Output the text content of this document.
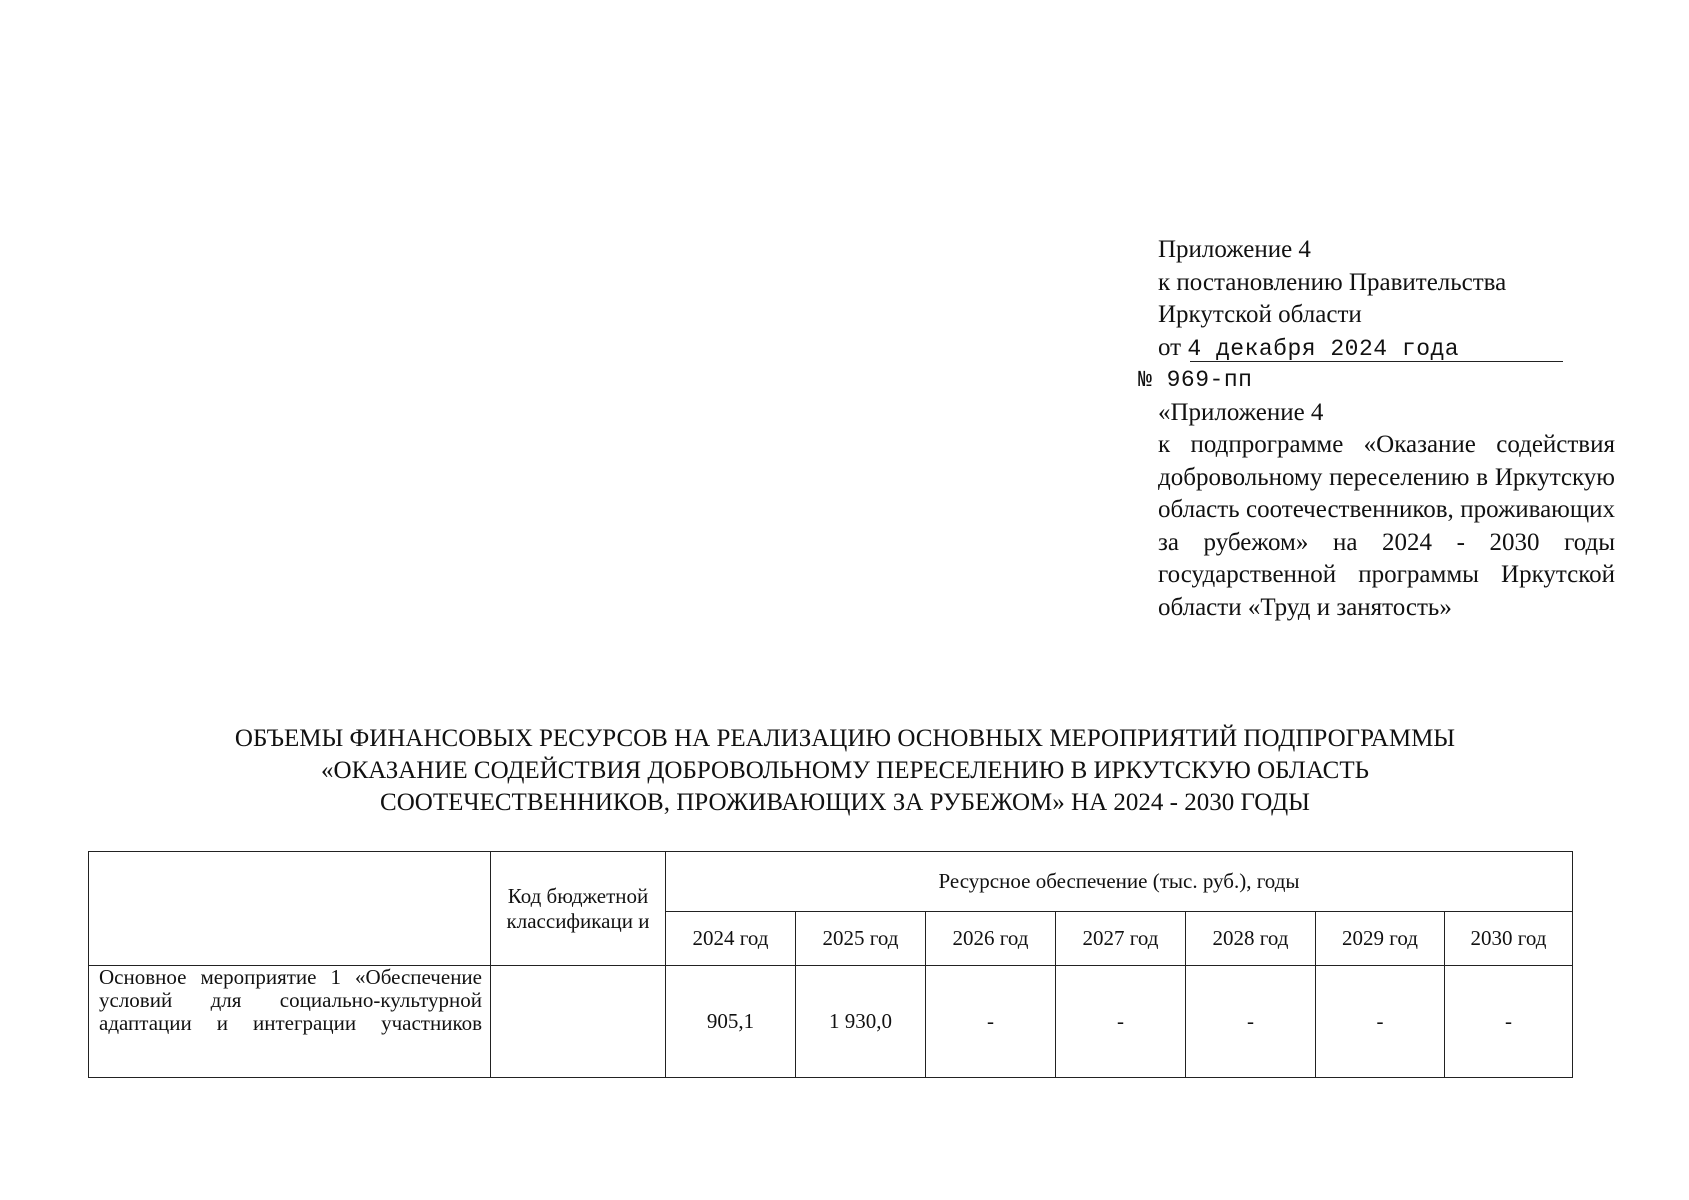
Приложение 4
к постановлению Правительства
Иркутской области
от 4 декабря 2024 года
№ 969-пп
«Приложение 4
к подпрограмме «Оказание содействия добровольному переселению в Иркутскую область соотечественников, проживающих за рубежом» на 2024 - 2030 годы государственной программы Иркутской области «Труд и занятость»
ОБЪЕМЫ ФИНАНСОВЫХ РЕСУРСОВ НА РЕАЛИЗАЦИЮ ОСНОВНЫХ МЕРОПРИЯТИЙ ПОДПРОГРАММЫ
«ОКАЗАНИЕ СОДЕЙСТВИЯ ДОБРОВОЛЬНОМУ ПЕРЕСЕЛЕНИЮ В ИРКУТСКУЮ ОБЛАСТЬ
СООТЕЧЕСТВЕННИКОВ, ПРОЖИВАЮЩИХ ЗА РУБЕЖОМ» НА 2024 - 2030 ГОДЫ
	Код бюджетной классификаци и	Ресурсное обеспечение (тыс. руб.), годы						
		2024 год	2025 год	2026 год	2027 год	2028 год	2029 год	2030 год
Основное мероприятие 1 «Обеспечение условий для социально-культурной адаптации и интеграции участников		905,1	1 930,0	-	-	-	-	-
